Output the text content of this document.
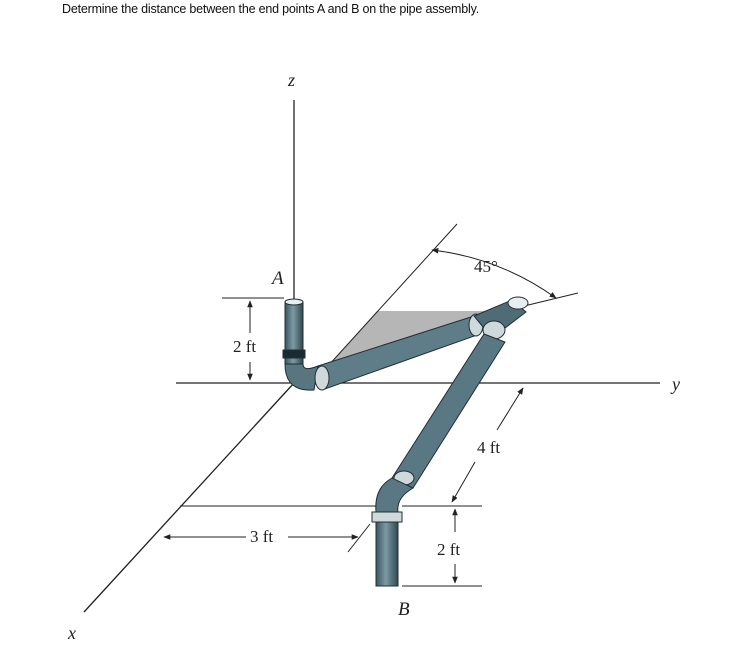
Determine the distance between the end points A and B on the pipe assembly.
z
y
x
A
B
2 ft
45°
4 ft
3 ft
2 ft
